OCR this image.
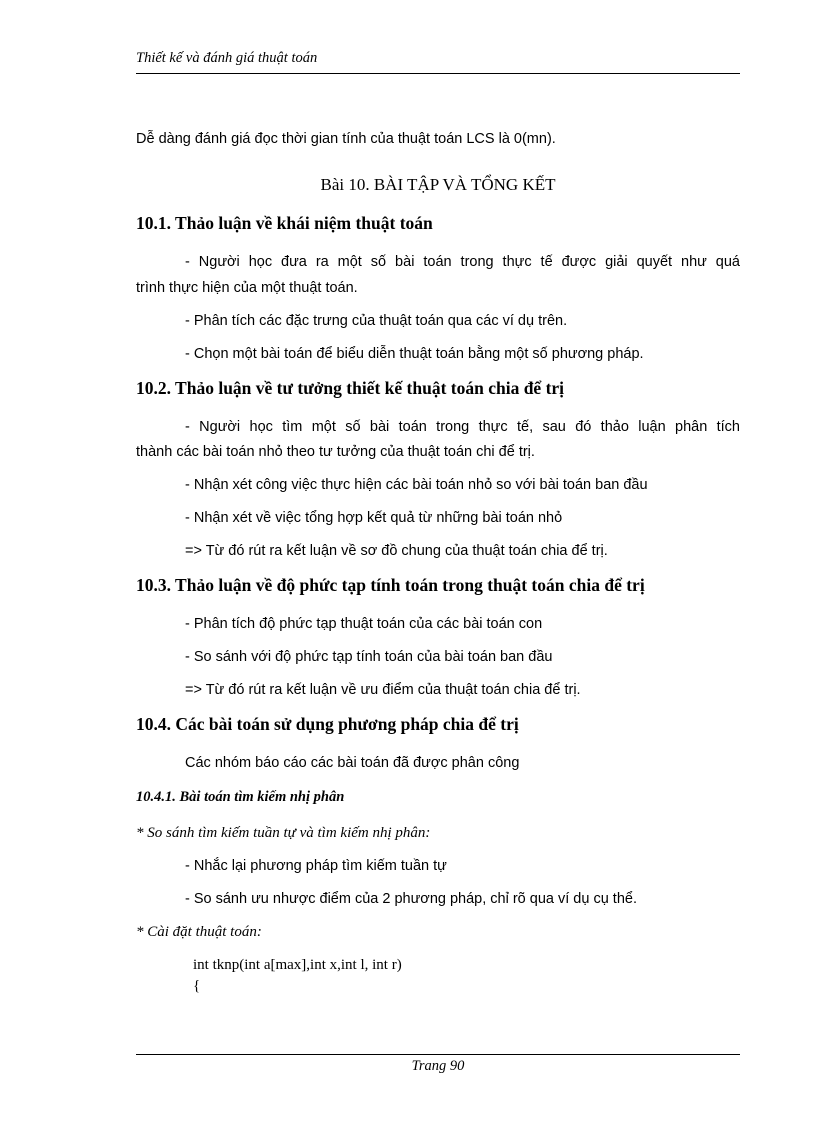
Thiết kế và đánh giá thuật toán
Dễ dàng đánh giá đọc thời gian tính của thuật toán LCS là 0(mn).
Bài 10. BÀI TẬP VÀ TỔNG KẾT
10.1. Thảo luận về khái niệm thuật toán
- Người học đưa ra một số bài toán trong thực tế được giải quyết như quá
trình thực hiện của một thuật toán.
- Phân tích các đặc trưng của thuật toán qua các ví dụ trên.
- Chọn một bài toán để biểu diễn thuật toán bằng một số phương pháp.
10.2. Thảo luận về tư tưởng thiết kế thuật toán chia để trị
- Người học tìm một số bài toán trong thực tế, sau đó thảo luận phân tích
thành các bài toán nhỏ theo tư tưởng của thuật toán chi để trị.
- Nhận xét công việc thực hiện các bài toán nhỏ so với bài toán ban đầu
- Nhận xét về việc tổng hợp kết quả từ những bài toán nhỏ
=> Từ đó rút ra kết luận về sơ đồ chung của thuật toán chia để trị.
10.3. Thảo luận về độ phức tạp tính toán trong thuật toán chia để trị
- Phân tích độ phức tạp thuật toán của các bài toán con
- So sánh với độ phức tạp tính toán của bài toán ban đầu
=> Từ đó rút ra kết luận về ưu điểm của thuật toán chia để trị.
10.4. Các bài toán sử dụng phương pháp chia để trị
Các nhóm báo cáo các bài toán đã được phân công
10.4.1. Bài toán tìm kiếm nhị phân
* So sánh tìm kiếm tuần tự và tìm kiếm nhị phân:
- Nhắc lại phương pháp tìm kiếm tuần tự
- So sánh ưu nhược điểm của 2 phương pháp, chỉ rõ qua ví dụ cụ thể.
* Cài đặt thuật toán:
int tknp(int a[max],int x,int l, int r)
{
Trang 90
